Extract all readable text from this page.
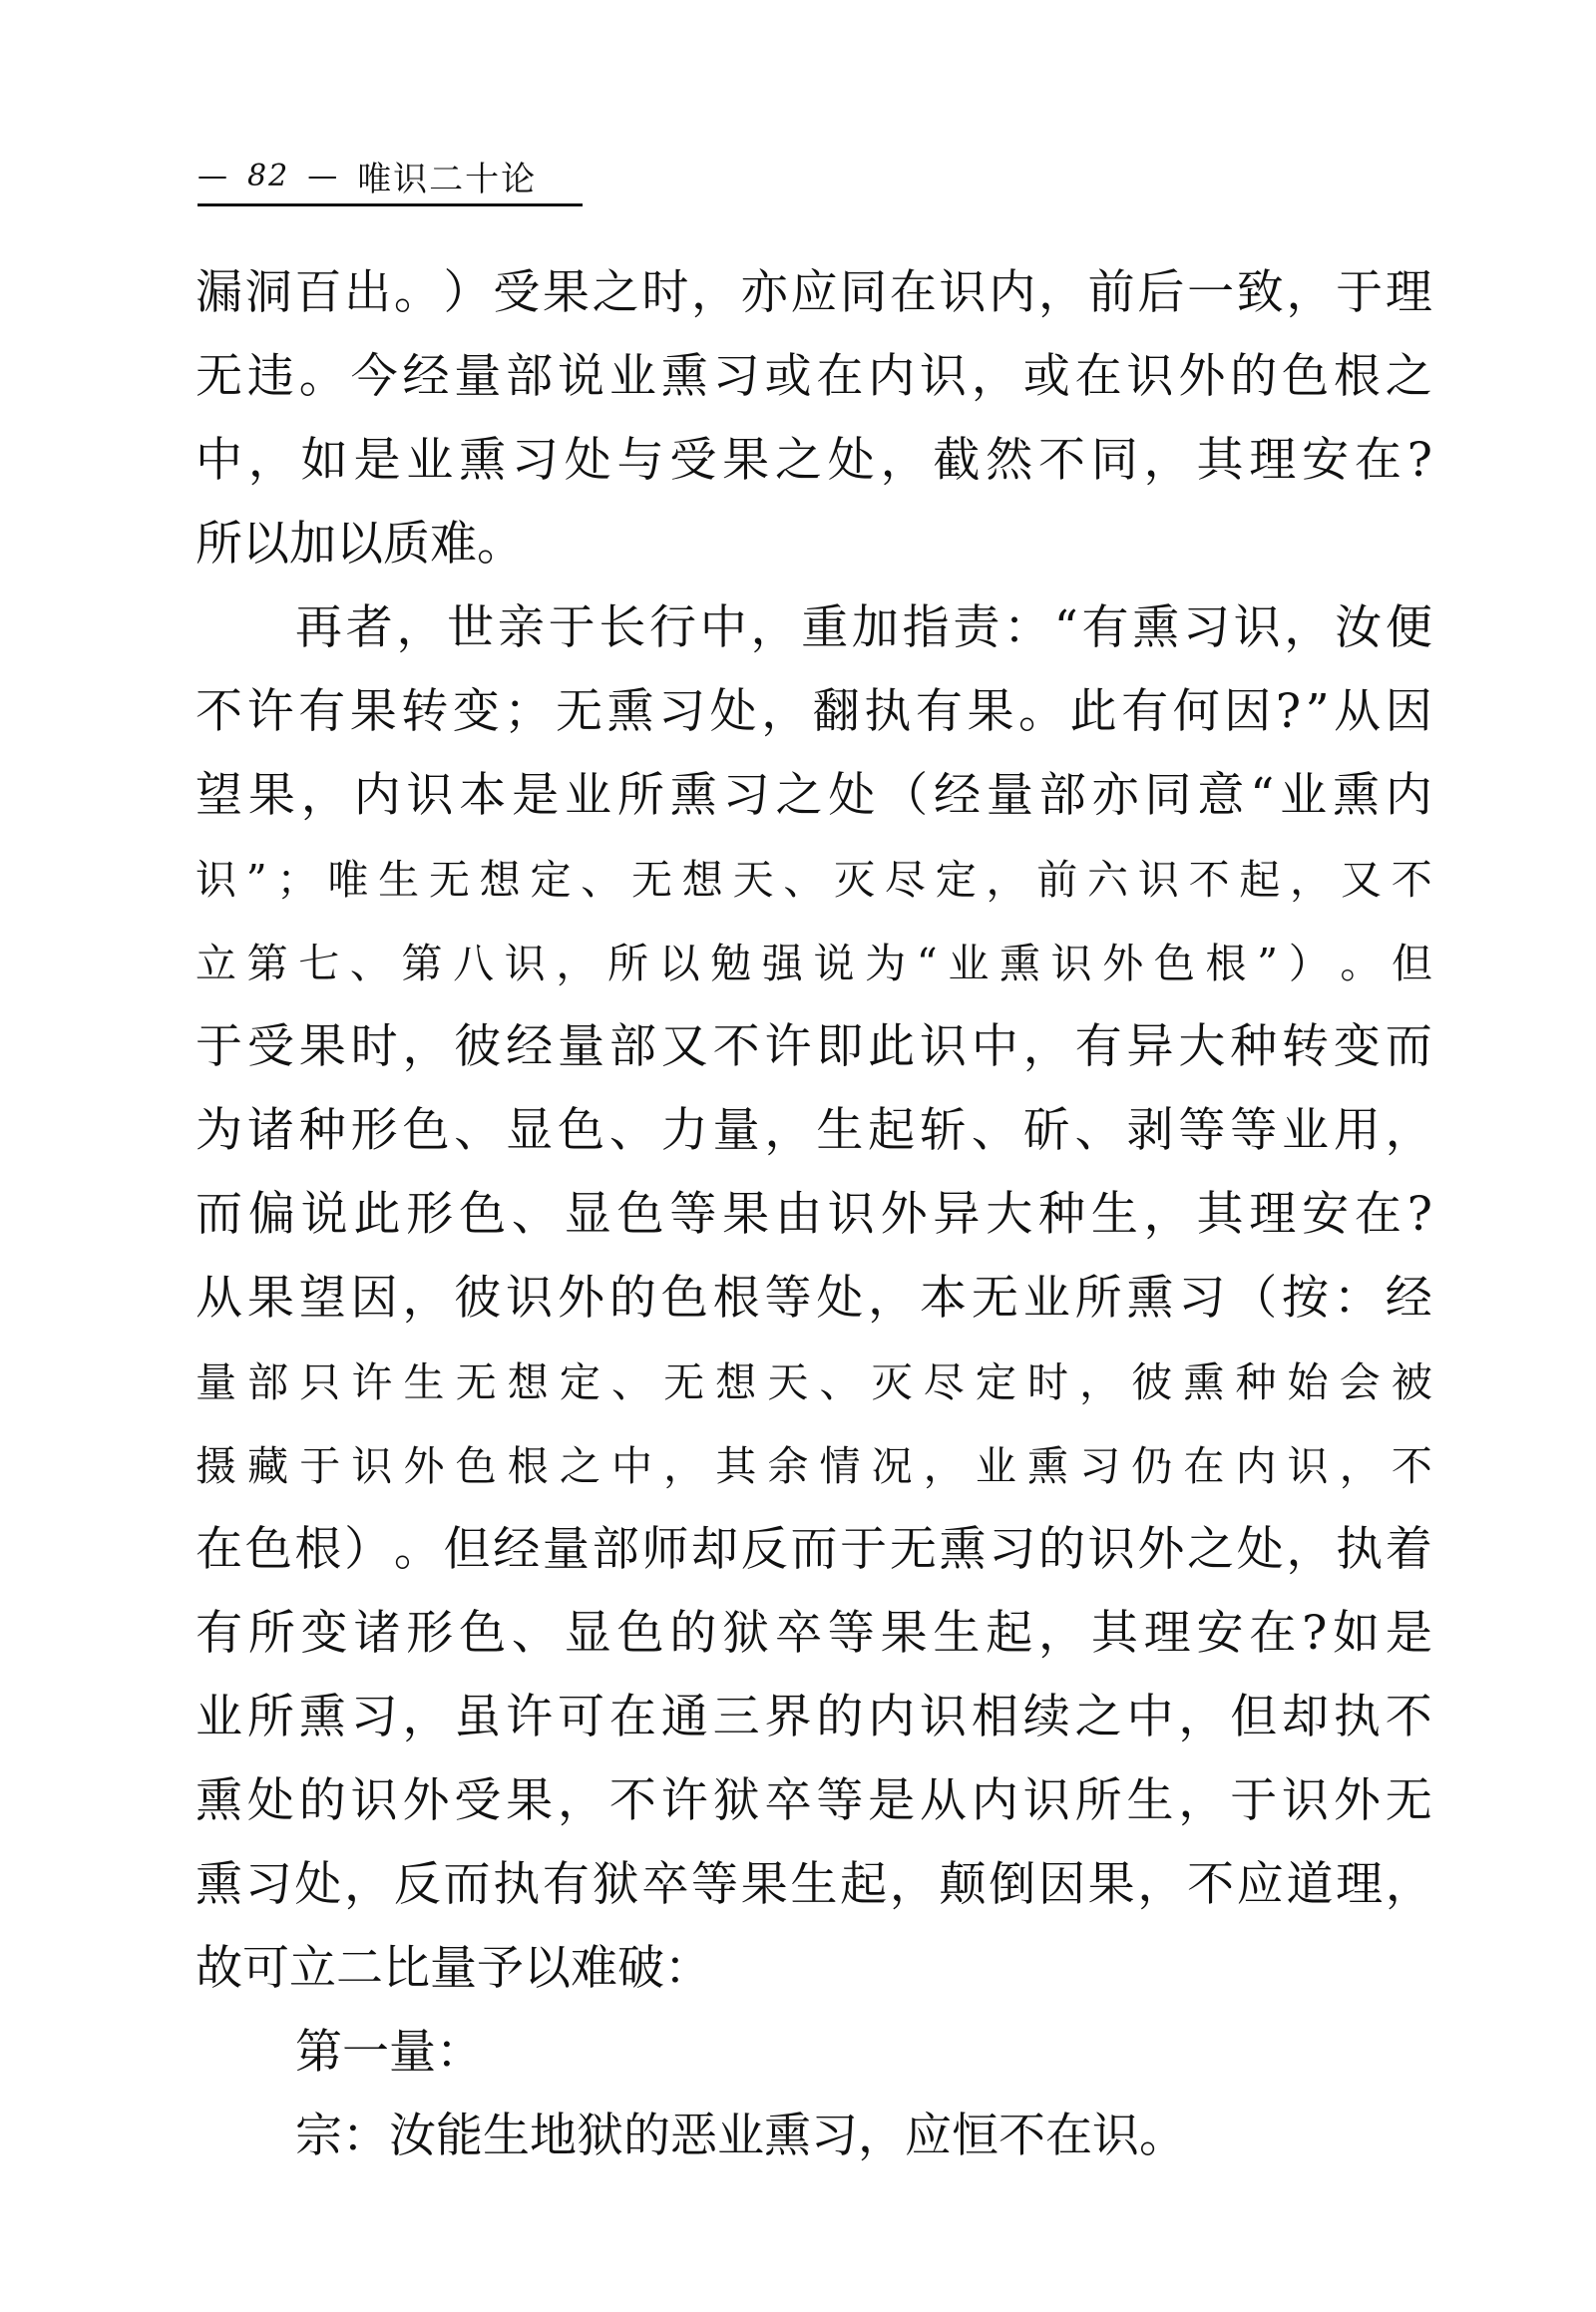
— 82 — 唯识二十论
漏 洞 百 出 。 ） 受 果 之 时 ， 亦 应 同 在 识 内 ， 前 后 一 致 ， 于 理
无 违 。 今 经 量 部 说 业 熏 习 或 在 内 识 ， 或 在 识 外 的 色 根 之
中 ， 如 是 业 熏 习 处 与 受 果 之 处 ， 截 然 不 同 ， 其 理 安 在 ?
所以加以质难。
再 者 ， 世 亲 于 长 行 中 ， 重 加 指 责 ： “ 有 熏 习 识 ， 汝 便
不 许 有 果 转 变 ； 无 熏 习 处 ， 翻 执 有 果 。 此 有 何 因 ? ” 从 因
望 果 ， 内 识 本 是 业 所 熏 习 之 处 （ 经 量 部 亦 同 意 “ 业 熏 内
识 ” ； 唯 生 无 想 定 、 无 想 天 、 灭 尽 定 ， 前 六 识 不 起 ， 又 不
立 第 七 、 第 八 识 ， 所 以 勉 强 说 为 “ 业 熏 识 外 色 根 ” ） 。 但
于 受 果 时 ， 彼 经 量 部 又 不 许 即 此 识 中 ， 有 异 大 种 转 变 而
为 诸 种 形 色 、 显 色 、 力 量 ， 生 起 斩 、 斫 、 剥 等 等 业 用 ，
而 偏 说 此 形 色 、 显 色 等 果 由 识 外 异 大 种 生 ， 其 理 安 在 ?
从 果 望 因 ， 彼 识 外 的 色 根 等 处 ， 本 无 业 所 熏 习 （ 按 ： 经
量 部 只 许 生 无 想 定 、 无 想 天 、 灭 尽 定 时 ， 彼 熏 种 始 会 被
摄 藏 于 识 外 色 根 之 中 ， 其 余 情 况 ， 业 熏 习 仍 在 内 识 ， 不
在 色 根 ） 。 但 经 量 部 师 却 反 而 于 无 熏 习 的 识 外 之 处 ， 执 着
有 所 变 诸 形 色 、 显 色 的 狱 卒 等 果 生 起 ， 其 理 安 在 ? 如 是
业 所 熏 习 ， 虽 许 可 在 通 三 界 的 内 识 相 续 之 中 ， 但 却 执 不
熏 处 的 识 外 受 果 ， 不 许 狱 卒 等 是 从 内 识 所 生 ， 于 识 外 无
熏 习 处 ， 反 而 执 有 狱 卒 等 果 生 起 ， 颠 倒 因 果 ， 不 应 道 理 ，
故可立二比量予以难破：
第一量：
宗：汝能生地狱的恶业熏习，应恒不在识。
